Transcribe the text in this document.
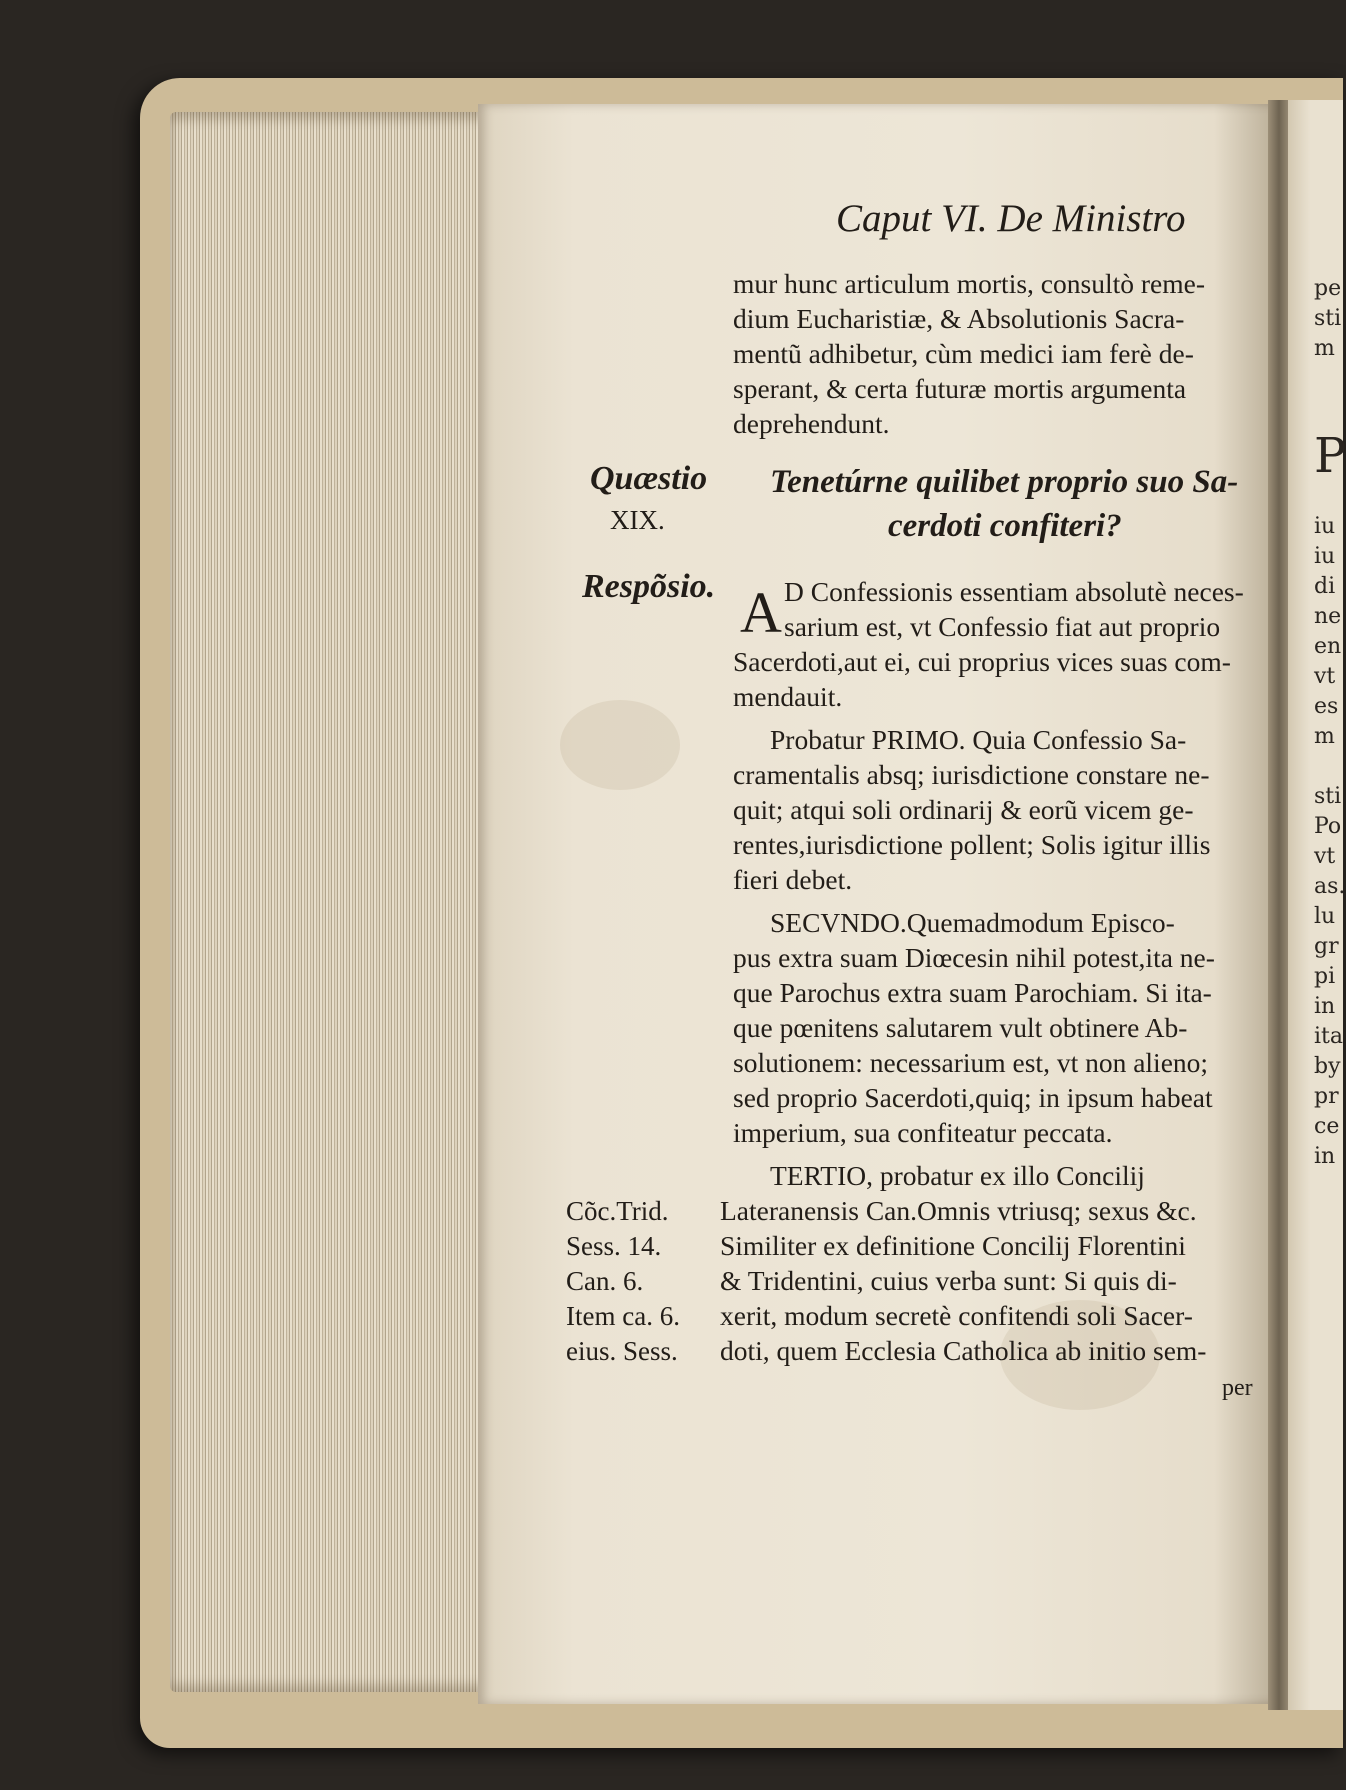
pe
sti
m
P
iu
iu
di
ne
en
vt
es
m
sti
Po
vt
as.
lu
gr
pi
in
ita
by
pr
ce
in
Caput VI. De Ministro
mur hunc articulum mortis, consultò reme-
dium Eucharistiæ, & Absolutionis Sacra-
mentũ adhibetur, cùm medici iam ferè de-
sperant, & certa futuræ mortis argumenta
deprehendunt.
Quæstio
XIX.
Tenetúrne quilibet proprio suo Sa-
cerdoti confiteri?
Respõsio. A D Confessionis essentiam absolutè neces-
sarium est, vt Confessio fiat aut proprio
Sacerdoti,aut ei, cui proprius vices suas com-
mendauit.
Probatur PRIMO. Quia Confessio Sa-
cramentalis absq; iurisdictione constare ne-
quit; atqui soli ordinarij & eorũ vicem ge-
rentes,iurisdictione pollent; Solis igitur illis
fieri debet.
SECVNDO.Quemadmodum Episco-
pus extra suam Diœcesin nihil potest,ita ne-
que Parochus extra suam Parochiam. Si ita-
que pœnitens salutarem vult obtinere Ab-
solutionem: necessarium est, vt non alieno;
sed proprio Sacerdoti,quiq; in ipsum habeat
imperium, sua confiteatur peccata.
TERTIO, probatur ex illo Concilij
Lateranensis Can.Omnis vtriusq; sexus &c.
Similiter ex definitione Concilij Florentini
& Tridentini, cuius verba sunt: Si quis di-
xerit, modum secretè confitendi soli Sacer-
doti, quem Ecclesia Catholica ab initio sem-
Cõc.Trid.
Sess. 14.
Can. 6.
Item ca. 6.
eius. Sess.
per
